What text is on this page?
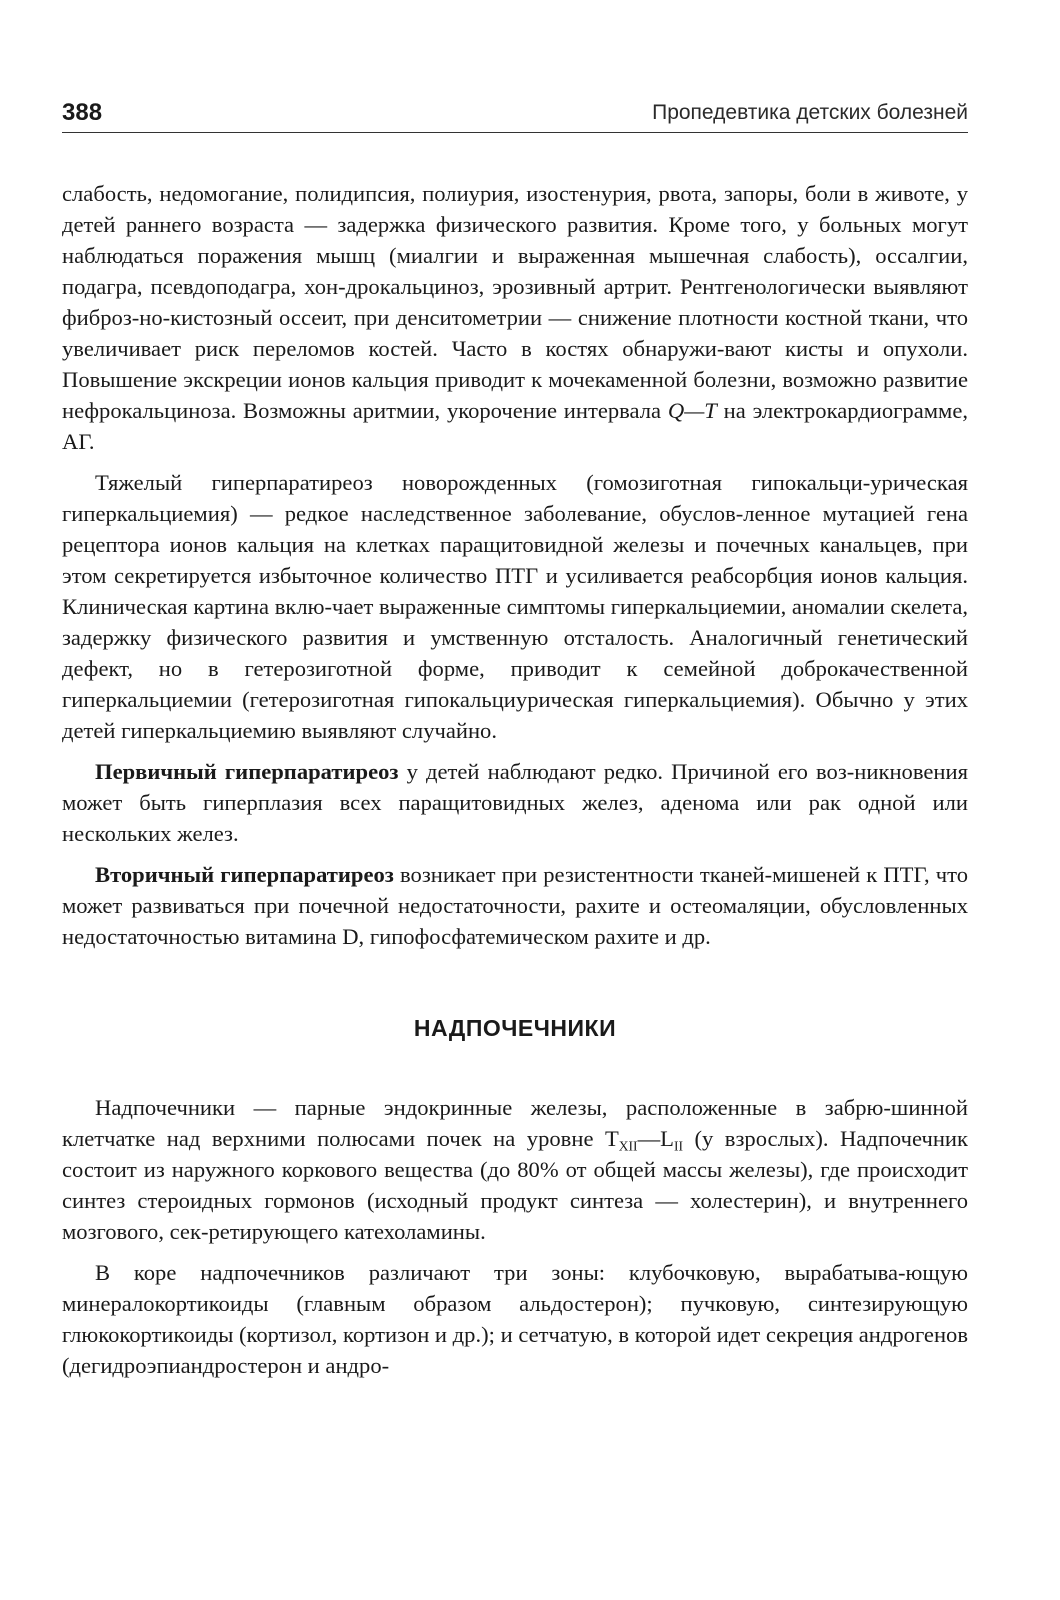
388	Пропедевтика детских болезней

слабость, недомогание, полидипсия, полиурия, изостенурия, рвота, запоры, боли в животе, у детей раннего возраста — задержка физического развития. Кроме того, у больных могут наблюдаться поражения мышц (миалгии и выраженная мышечная слабость), оссалгии, подагра, псевдоподагра, хон-дрокальциноз, эрозивный артрит. Рентгенологически выявляют фиброз-но-кистозный оссеит, при денситометрии — снижение плотности костной ткани, что увеличивает риск переломов костей. Часто в костях обнаружи-вают кисты и опухоли. Повышение экскреции ионов кальция приводит к мочекаменной болезни, возможно развитие нефрокальциноза. Возможны аритмии, укорочение интервала Q—T на электрокардиограмме, АГ.

Тяжелый гиперпаратиреоз новорожденных (гомозиготная гипокальци-урическая гиперкальциемия) — редкое наследственное заболевание, обуслов-ленное мутацией гена рецептора ионов кальция на клетках паращитовидной железы и почечных канальцев, при этом секретируется избыточное количество ПТГ и усиливается реабсорбция ионов кальция. Клиническая картина вклю-чает выраженные симптомы гиперкальциемии, аномалии скелета, задержку физического развития и умственную отсталость. Аналогичный генетический дефект, но в гетерозиготной форме, приводит к семейной доброкачественной гиперкальциемии (гетерозиготная гипокальциурическая гиперкальциемия). Обычно у этих детей гиперкальциемию выявляют случайно.

Первичный гиперпаратиреоз у детей наблюдают редко. Причиной его воз-никновения может быть гиперплазия всех паращитовидных желез, аденома или рак одной или нескольких желез.

Вторичный гиперпаратиреоз возникает при резистентности тканей-мишеней к ПТГ, что может развиваться при почечной недостаточности, рахите и остеомаляции, обусловленных недостаточностью витамина D, гипофосфатемическом рахите и др.

НАДПОЧЕЧНИКИ

Надпочечники — парные эндокринные железы, расположенные в забрю-шинной клетчатке над верхними полюсами почек на уровне $T_{XII}—L_{II}$ (у взрослых). Надпочечник состоит из наружного коркового вещества (до 80% от общей массы железы), где происходит синтез стероидных гормонов (исходный продукт синтеза — холестерин), и внутреннего мозгового, сек-ретирующего катехоламины.

В коре надпочечников различают три зоны: клубочковую, вырабатыва-ющую минералокортикоиды (главным образом альдостерон); пучковую, синтезирующую глюкокортикоиды (кортизол, кортизон и др.); и сетчатую, в которой идет секреция андрогенов (дегидроэпиандростерон и андро-
